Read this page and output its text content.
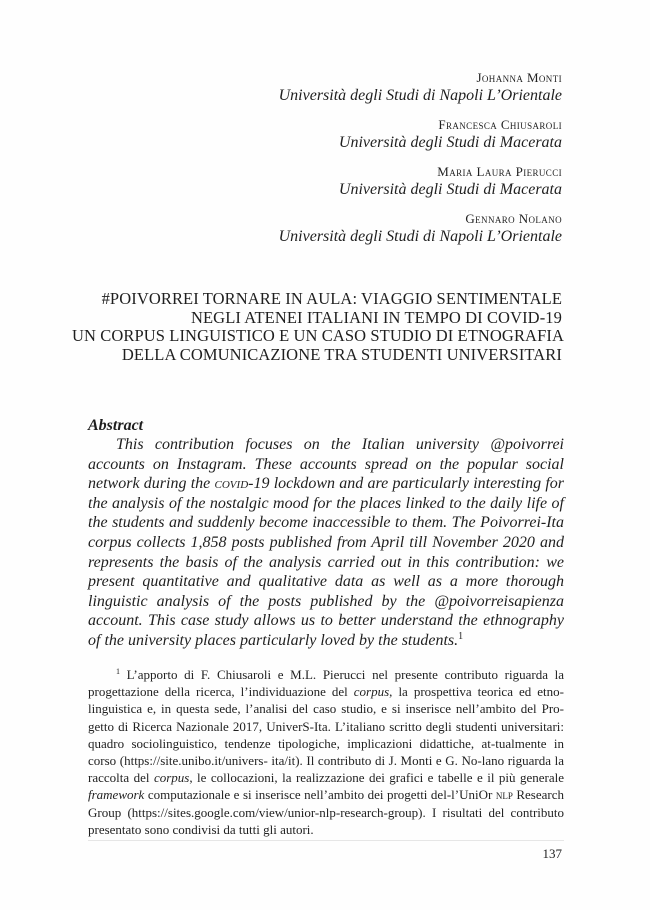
Johanna Monti
Università degli Studi di Napoli L’Orientale
Francesca Chiusaroli
Università degli Studi di Macerata
Maria Laura Pierucci
Università degli Studi di Macerata
Gennaro Nolano
Università degli Studi di Napoli L’Orientale
#POIVORREI TORNARE IN AULA: VIAGGIO SENTIMENTALE
NEGLI ATENEI ITALIANI IN TEMPO DI COVID-19
UN CORPUS LINGUISTICO E UN CASO STUDIO DI ETNOGRAFIA
DELLA COMUNICAZIONE TRA STUDENTI UNIVERSITARI
Abstract

This contribution focuses on the Italian university @poivorrei accounts on Instagram. These accounts spread on the popular social network during the covid-19 lockdown and are particularly interesting for the analysis of the nostalgic mood for the places linked to the daily life of the students and suddenly become inaccessible to them. The Poivorrei-Ita corpus collects 1,858 posts published from April till November 2020 and represents the basis of the analysis carried out in this contribution: we present quantitative and qualitative data as well as a more thorough linguistic analysis of the posts published by the @poivorreisapienza account. This case study allows us to better understand the ethnography of the university places particularly loved by the students.$^1$

$^1$ L’apporto di F. Chiusaroli e M.L. Pierucci nel presente contributo riguarda la progettazione della ricerca, l’individuazione del corpus, la prospettiva teorica ed etno-linguistica e, in questa sede, l’analisi del caso studio, e si inserisce nell’ambito del Pro-getto di Ricerca Nazionale 2017, UniverS-Ita. L’italiano scritto degli studenti universitari: quadro sociolinguistico, tendenze tipologiche, implicazioni didattiche, at-tualmente in corso (https://site.unibo.it/univers- ita/it). Il contributo di J. Monti e G. No-lano riguarda la raccolta del corpus, le collocazioni, la realizzazione dei grafici e tabelle e il più generale framework computazionale e si inserisce nell’ambito dei progetti del-l’UniOr nlp Research Group (https://sites.google.com/view/unior-nlp-research-group). I risultati del contributo presentato sono condivisi da tutti gli autori.

137
